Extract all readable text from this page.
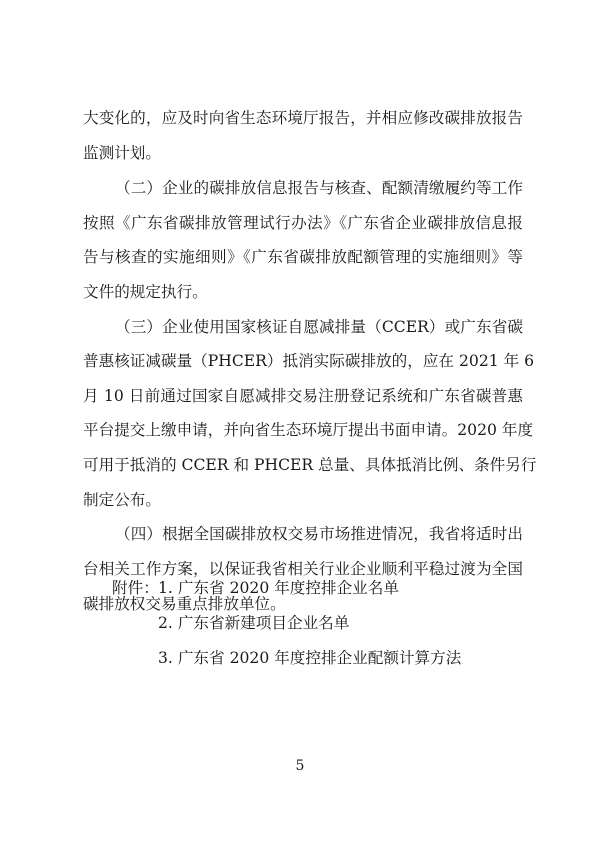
大变化的，应及时向省生态环境厅报告，并相应修改碳排放报告
监测计划。
（二）企业的碳排放信息报告与核查、配额清缴履约等工作
按照《广东省碳排放管理试行办法》《广东省企业碳排放信息报
告与核查的实施细则》《广东省碳排放配额管理的实施细则》等
文件的规定执行。
（三）企业使用国家核证自愿减排量（CCER）或广东省碳
普惠核证减碳量（PHCER）抵消实际碳排放的，应在 2021 年 6
月 10 日前通过国家自愿减排交易注册登记系统和广东省碳普惠
平台提交上缴申请，并向省生态环境厅提出书面申请。2020 年度
可用于抵消的 CCER 和 PHCER 总量、具体抵消比例、条件另行
制定公布。
（四）根据全国碳排放权交易市场推进情况，我省将适时出
台相关工作方案，以保证我省相关行业企业顺利平稳过渡为全国
碳排放权交易重点排放单位。
附件： 1. 广东省 2020 年度控排企业名单
2. 广东省新建项目企业名单
3. 广东省 2020 年度控排企业配额计算方法
5
